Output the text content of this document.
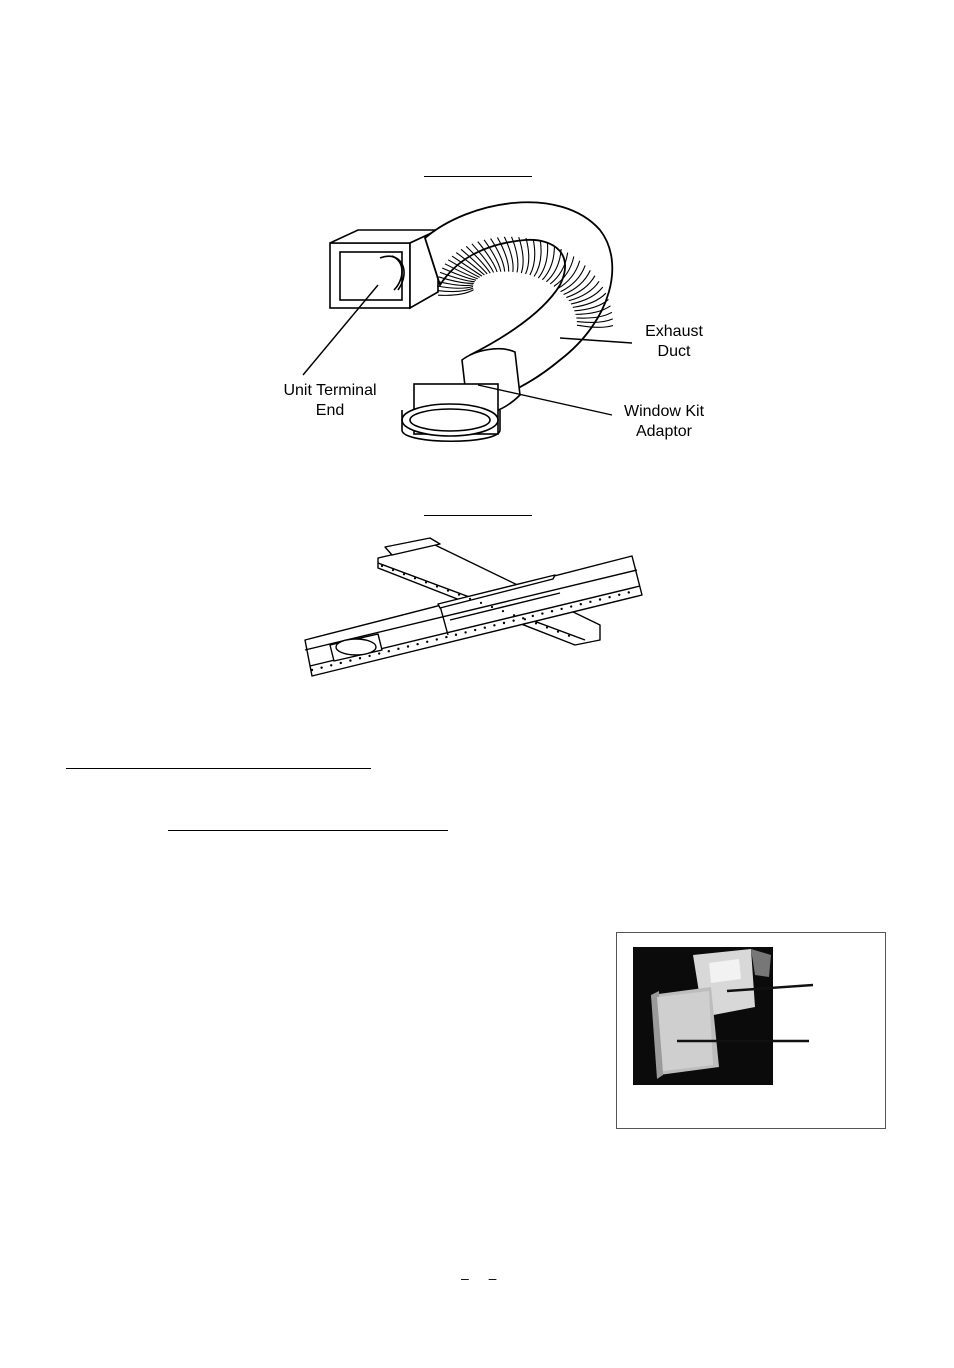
Unit Terminal
End
Exhaust
Duct
Window Kit
Adaptor
– –
